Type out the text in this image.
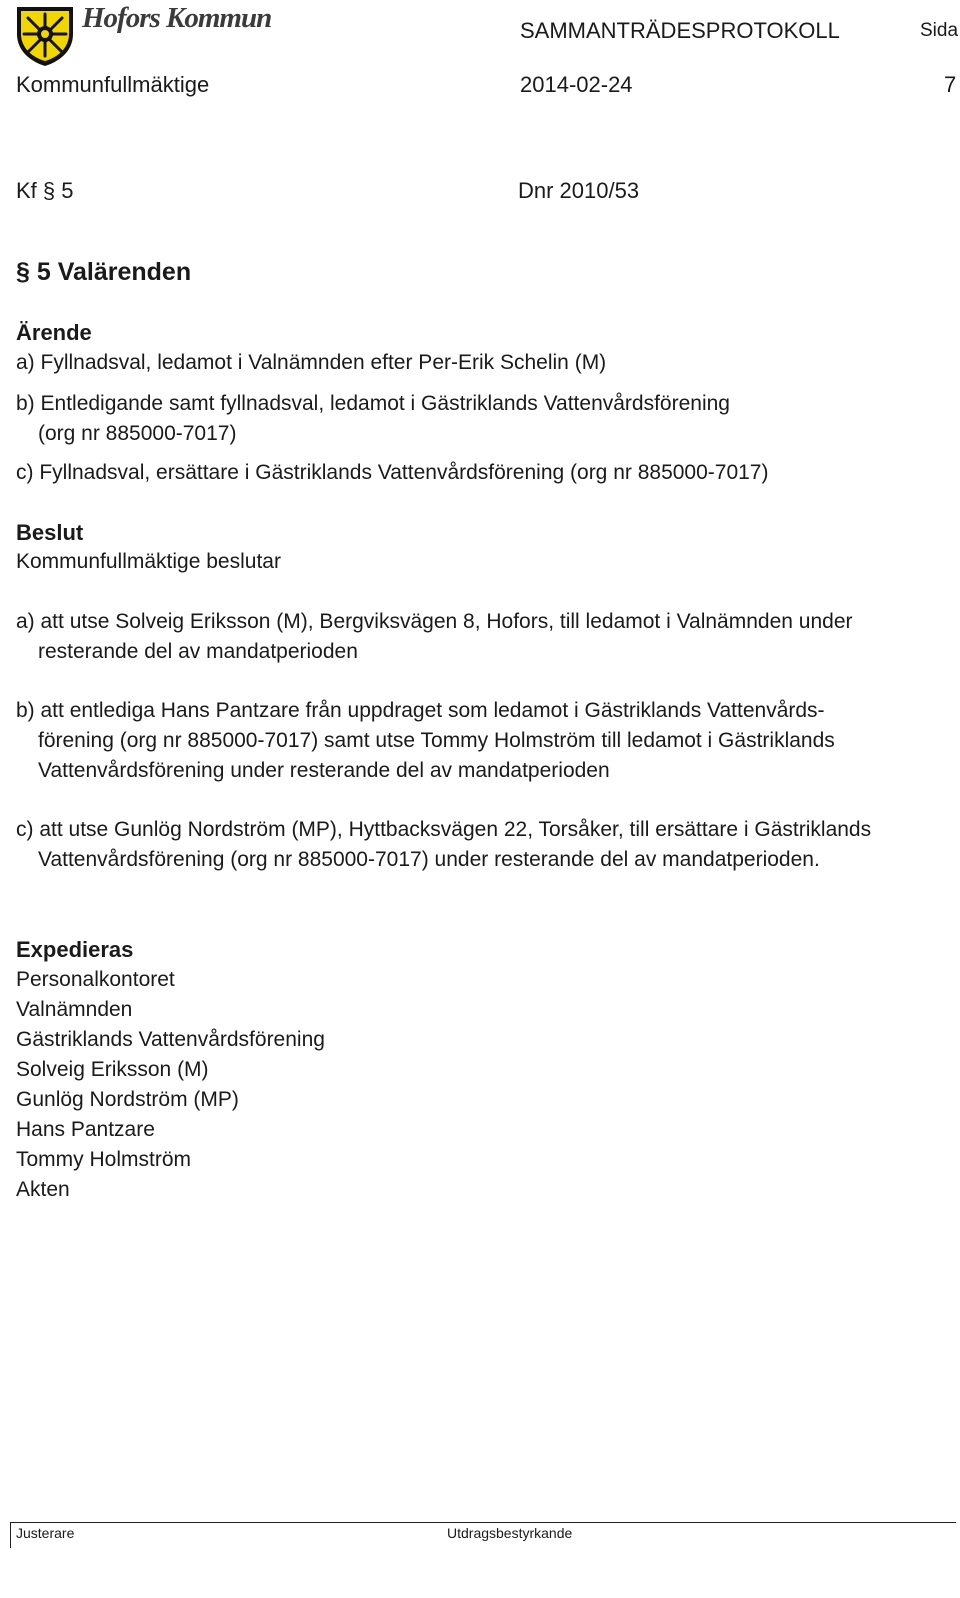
Hofors Kommun	SAMMANTRÄDESPROTOKOLL	Sida
Kommunfullmäktige	2014-02-24	7
Kf § 5	Dnr 2010/53
§ 5 Valärenden
Ärende
a) Fyllnadsval, ledamot i Valnämnden efter Per-Erik Schelin (M)
b) Entledigande samt fyllnadsval, ledamot i Gästriklands Vattenvårdsförening
(org nr 885000-7017)
c) Fyllnadsval, ersättare i Gästriklands Vattenvårdsförening (org nr 885000-7017)
Beslut
Kommunfullmäktige beslutar
a) att utse Solveig Eriksson (M), Bergviksvägen 8, Hofors, till ledamot i Valnämnden under
resterande del av mandatperioden
b) att entlediga Hans Pantzare från uppdraget som ledamot i Gästriklands Vattenvårds-
förening (org nr 885000-7017) samt utse Tommy Holmström till ledamot i Gästriklands
Vattenvårdsförening under resterande del av mandatperioden
c) att utse Gunlög Nordström (MP), Hyttbacksvägen 22, Torsåker, till ersättare i Gästriklands
Vattenvårdsförening (org nr 885000-7017) under resterande del av mandatperioden.
Expedieras
Personalkontoret
Valnämnden
Gästriklands Vattenvårdsförening
Solveig Eriksson (M)
Gunlög Nordström (MP)
Hans Pantzare
Tommy Holmström
Akten
Justerare	Utdragsbestyrkande
